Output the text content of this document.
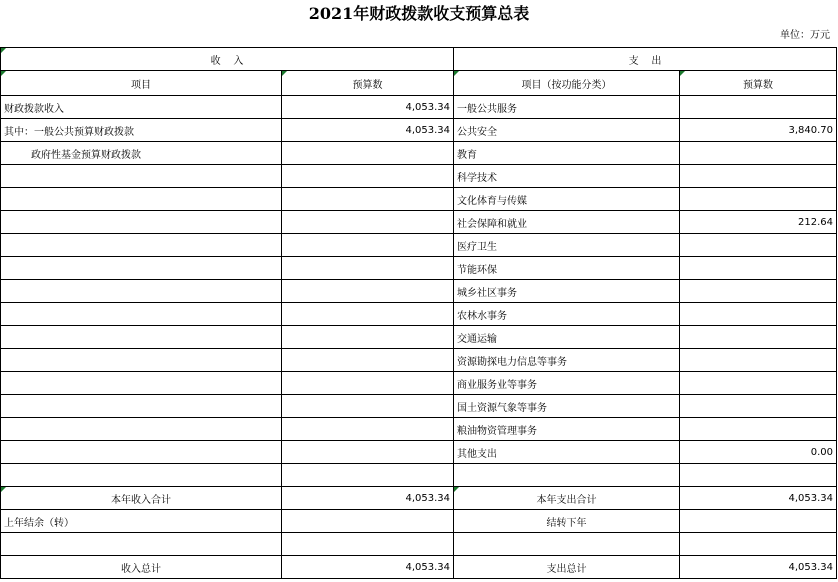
2021年财政拨款收支预算总表
单位：万元
收    入		支    出	

项目	预算数	项目（按功能分类）	预算数
财政拨款收入	4,053.34	一般公共服务	
其中：一般公共预算财政拨款	4,053.34	公共安全	3,840.70
政府性基金预算财政拨款		教育	
		科学技术	
		文化体育与传媒	
		社会保障和就业	212.64
		医疗卫生	
		节能环保	
		城乡社区事务	
		农林水事务	
		交通运输	
		资源勘探电力信息等事务	
		商业服务业等事务	
		国土资源气象等事务	
		粮油物资管理事务	
		其他支出	0.00

本年收入合计	4,053.34	本年支出合计	4,053.34
上年结余（转）		结转下年	

收入总计	4,053.34	支出总计	4,053.34
